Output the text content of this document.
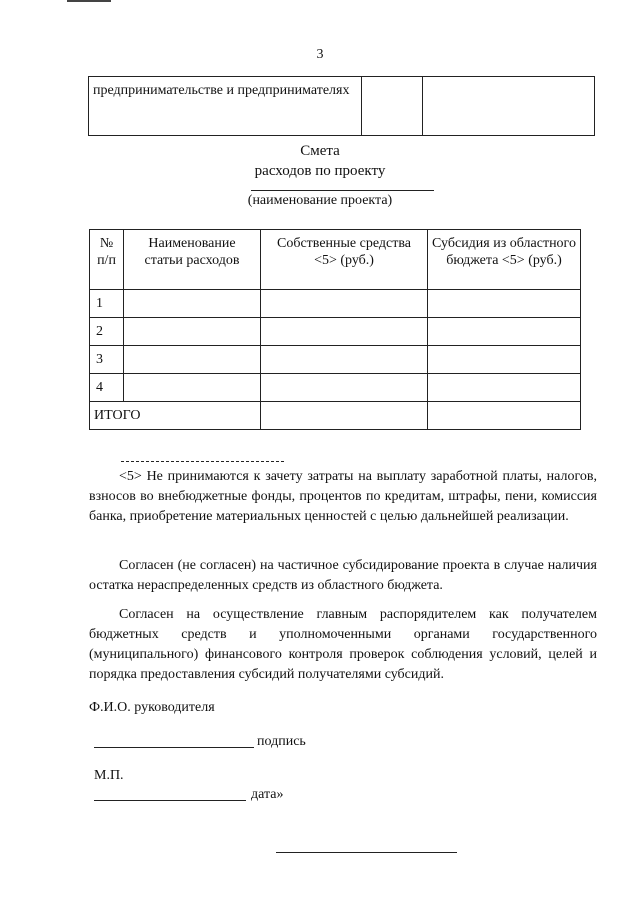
3
предпринимательстве и предпринимателях		
Смета
расходов по проекту
(наименование проекта)
№ п/п	Наименование статьи расходов	Собственные средства <5> (руб.)	Субсидия из областного бюджета <5> (руб.)
1			
2			
3			
4			
ИТОГО			

<5> Не принимаются к зачету затраты на выплату заработной платы, налогов, взносов во внебюджетные фонды, процентов по кредитам, штрафы, пени, комиссия банка, приобретение материальных ценностей с целью дальнейшей реализации.

Согласен (не согласен) на частичное субсидирование проекта в случае наличия остатка нераспределенных средств из областного бюджета.

Согласен на осуществление главным распорядителем как получателем бюджетных средств и уполномоченными органами государственного (муниципального) финансового контроля проверок соблюдения условий, целей и порядка предоставления субсидий получателями субсидий.

Ф.И.О. руководителя
подпись
М.П.
дата»
